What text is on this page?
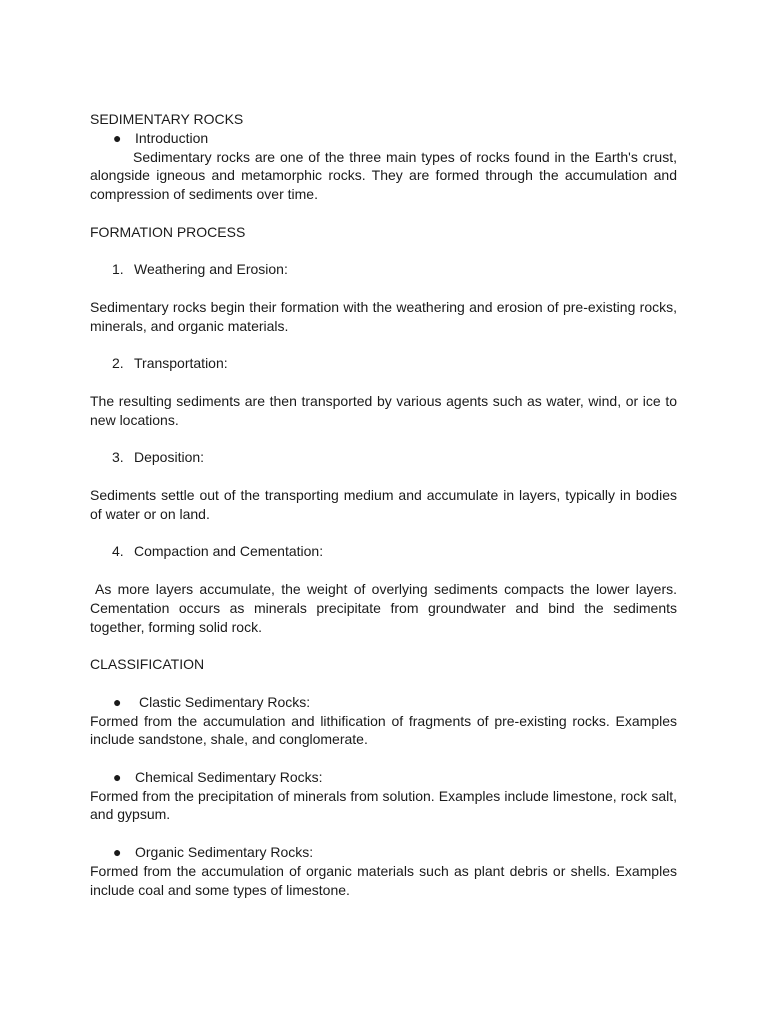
SEDIMENTARY ROCKS

● Introduction

Sedimentary rocks are one of the three main types of rocks found in the Earth's crust, alongside igneous and metamorphic rocks. They are formed through the accumulation and compression of sediments over time.

FORMATION PROCESS

1. Weathering and Erosion:

Sedimentary rocks begin their formation with the weathering and erosion of pre-existing rocks, minerals, and organic materials.

2. Transportation:

The resulting sediments are then transported by various agents such as water, wind, or ice to new locations.

3. Deposition:

Sediments settle out of the transporting medium and accumulate in layers, typically in bodies of water or on land.

4. Compaction and Cementation:

As more layers accumulate, the weight of overlying sediments compacts the lower layers. Cementation occurs as minerals precipitate from groundwater and bind the sediments together, forming solid rock.

CLASSIFICATION

● Clastic Sedimentary Rocks:

Formed from the accumulation and lithification of fragments of pre-existing rocks. Examples include sandstone, shale, and conglomerate.

● Chemical Sedimentary Rocks:

Formed from the precipitation of minerals from solution. Examples include limestone, rock salt, and gypsum.

● Organic Sedimentary Rocks:

Formed from the accumulation of organic materials such as plant debris or shells. Examples include coal and some types of limestone.
